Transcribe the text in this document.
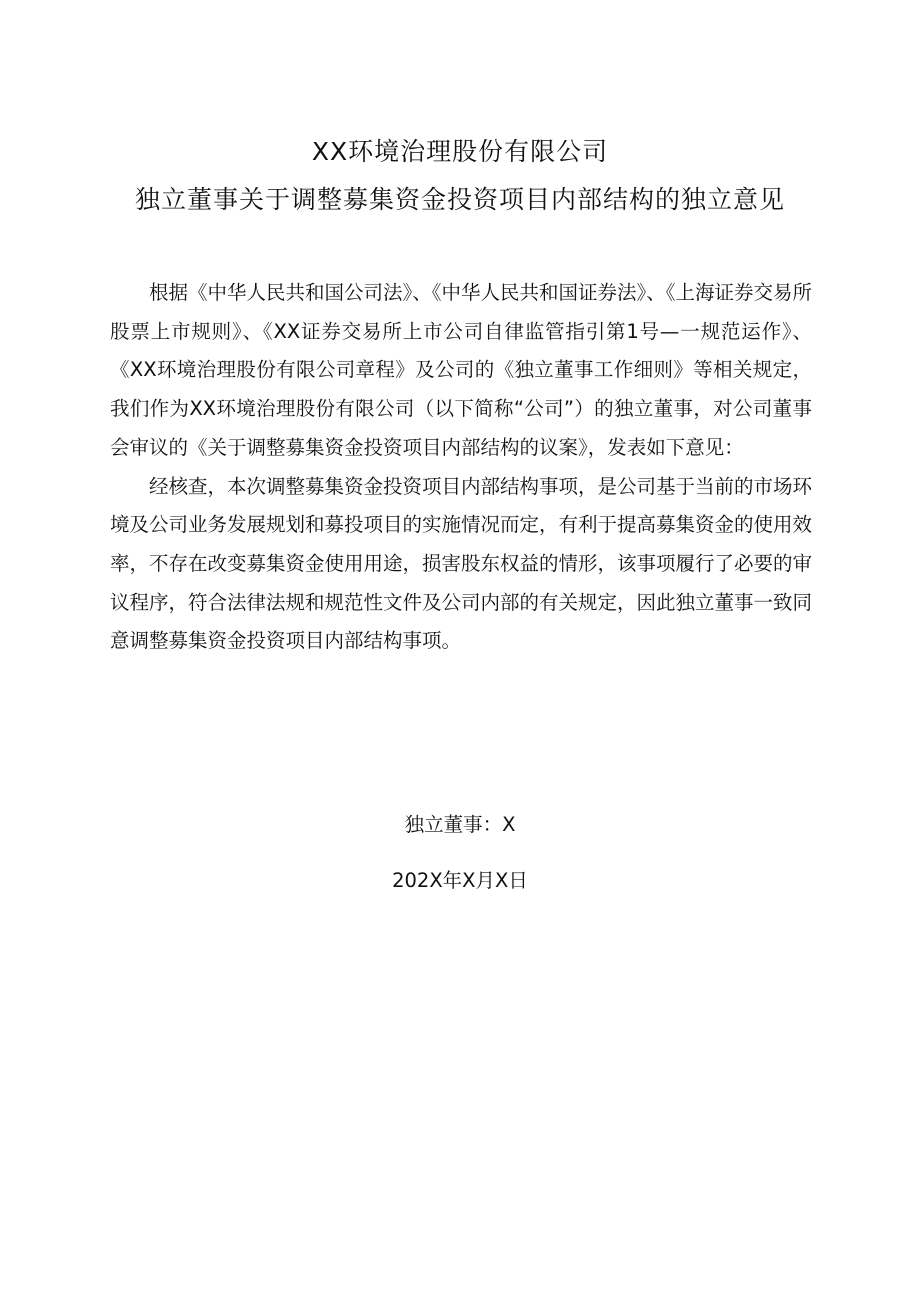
XX环境治理股份有限公司
独立董事关于调整募集资金投资项目内部结构的独立意见

根据《中华人民共和国公司法》、《中华人民共和国证券法》、《上海证券交易所股票上市规则》、《XX证券交易所上市公司自律监管指引第1号—一规范运作》、《XX环境治理股份有限公司章程》及公司的《独立董事工作细则》等相关规定，我们作为XX环境治理股份有限公司（以下简称“公司”）的独立董事，对公司董事会审议的《关于调整募集资金投资项目内部结构的议案》，发表如下意见：

经核查，本次调整募集资金投资项目内部结构事项，是公司基于当前的市场环境及公司业务发展规划和募投项目的实施情况而定，有利于提高募集资金的使用效率，不存在改变募集资金使用用途，损害股东权益的情形，该事项履行了必要的审议程序，符合法律法规和规范性文件及公司内部的有关规定，因此独立董事一致同意调整募集资金投资项目内部结构事项。

独立董事：X
202X年X月X日
